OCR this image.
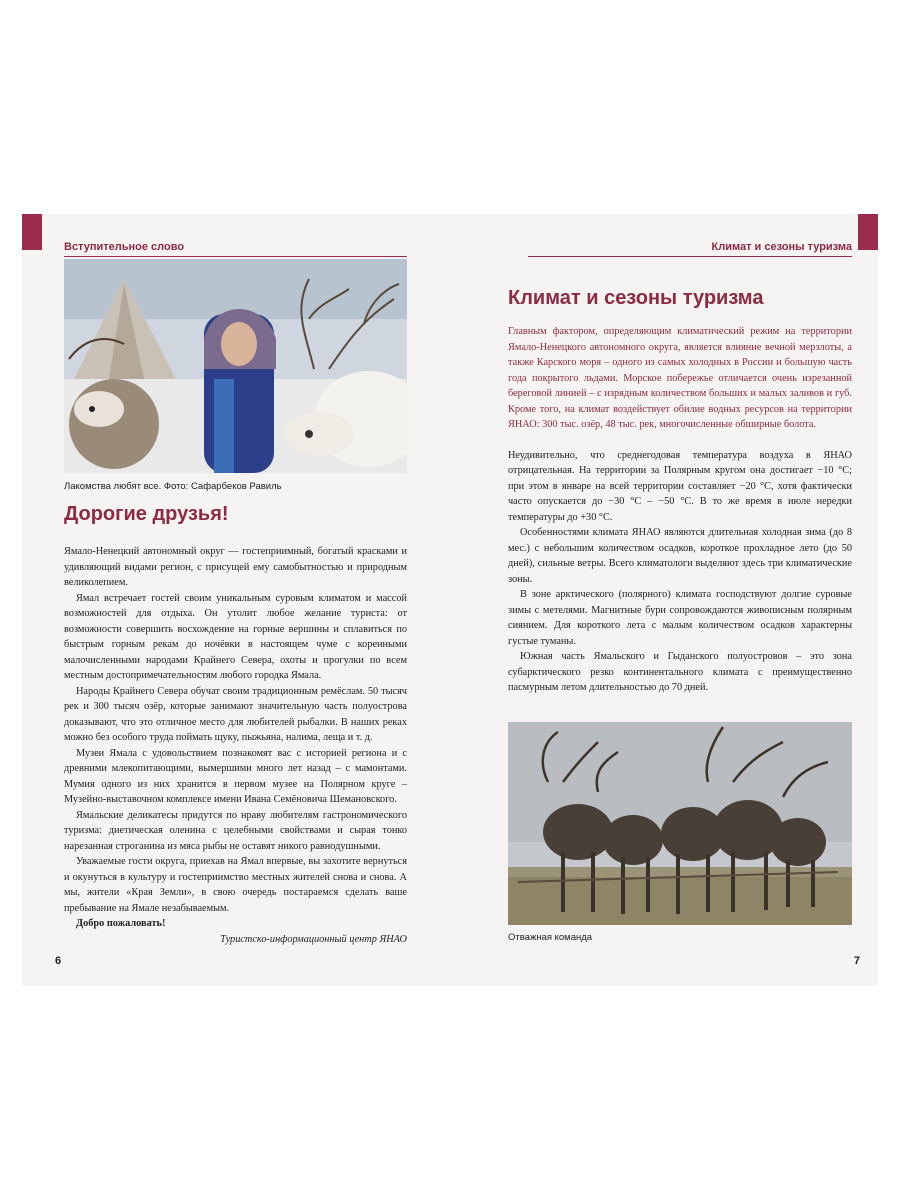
Вступительное слово
Лакомства любят все. Фото: Сафарбеков Равиль
Дорогие друзья!

Ямало-Ненецкий автономный округ — гостеприимный, богатый красками и удивляющий видами регион, с присущей ему самобытностью и природным великолепием.

Ямал встречает гостей своим уникальным суровым климатом и массой возможностей для отдыха. Он утолит любое желание туриста: от возможности совершить восхождение на горные вершины и сплавиться по быстрым горным рекам до ночёвки в настоящем чуме с коренными малочисленными народами Крайнего Севера, охоты и прогулки по всем местным достопримечательностям любого городка Ямала.

Народы Крайнего Севера обучат своим традиционным ремёслам. 50 тысяч рек и 300 тысяч озёр, которые занимают значительную часть полуострова доказывают, что это отличное место для любителей рыбалки. В наших реках можно без особого труда поймать щуку, пыжьяна, налима, леща и т. д.

Музеи Ямала с удовольствием познакомят вас с историей региона и с древними млекопитающими, вымершими много лет назад – с мамонтами. Мумия одного из них хранится в первом музее на Полярном круге – Музейно-выставочном комплексе имени Ивана Семёновича Шемановского.

Ямальские деликатесы придутся по нраву любителям гастрономического туризма: диетическая оленина с целебными свойствами и сырая тонко нарезанная строганина из мяса рыбы не оставят никого равнодушными.

Уважаемые гости округа, приехав на Ямал впервые, вы захотите вернуться и окунуться в культуру и гостеприимство местных жителей снова и снова. А мы, жители «Края Земли», в свою очередь постараемся сделать ваше пребывание на Ямале незабываемым.

Добро пожаловать!

Туристско-информационный центр ЯНАО

6
Климат и сезоны туризма
Климат и сезоны туризма

Главным фактором, определяющим климатический режим на территории Ямало-Ненецкого автономного округа, является влияние вечной мерзлоты, а также Карского моря – одного из самых холодных в России и большую часть года покрытого льдами. Морское побережье отличается очень изрезанной береговой линией – с изрядным количеством больших и малых заливов и губ. Кроме того, на климат воздействует обилие водных ресурсов на территории ЯНАО: 300 тыс. озёр, 48 тыс. рек, многочисленные обширные болота.

Неудивительно, что среднегодовая температура воздуха в ЯНАО отрицательная. На территории за Полярным кругом она достигает −10 °С; при этом в январе на всей территории составляет −20 °С, хотя фактически часто опускается до −30 °С – −50 °С. В то же время в июле нередки температуры до +30 °С.

Особенностями климата ЯНАО являются длительная холодная зима (до 8 мес.) с небольшим количеством осадков, короткое прохладное лето (до 50 дней), сильные ветры. Всего климатологи выделяют здесь три климатические зоны.

В зоне арктического (полярного) климата господствуют долгие суровые зимы с метелями. Магнитные бури сопровождаются живописным полярным сиянием. Для короткого лета с малым количеством осадков характерны густые туманы.

Южная часть Ямальского и Гыданского полуостровов – это зона субарктического резко континентального климата с преимущественно пасмурным летом длительностью до 70 дней.

Отважная команда
7
